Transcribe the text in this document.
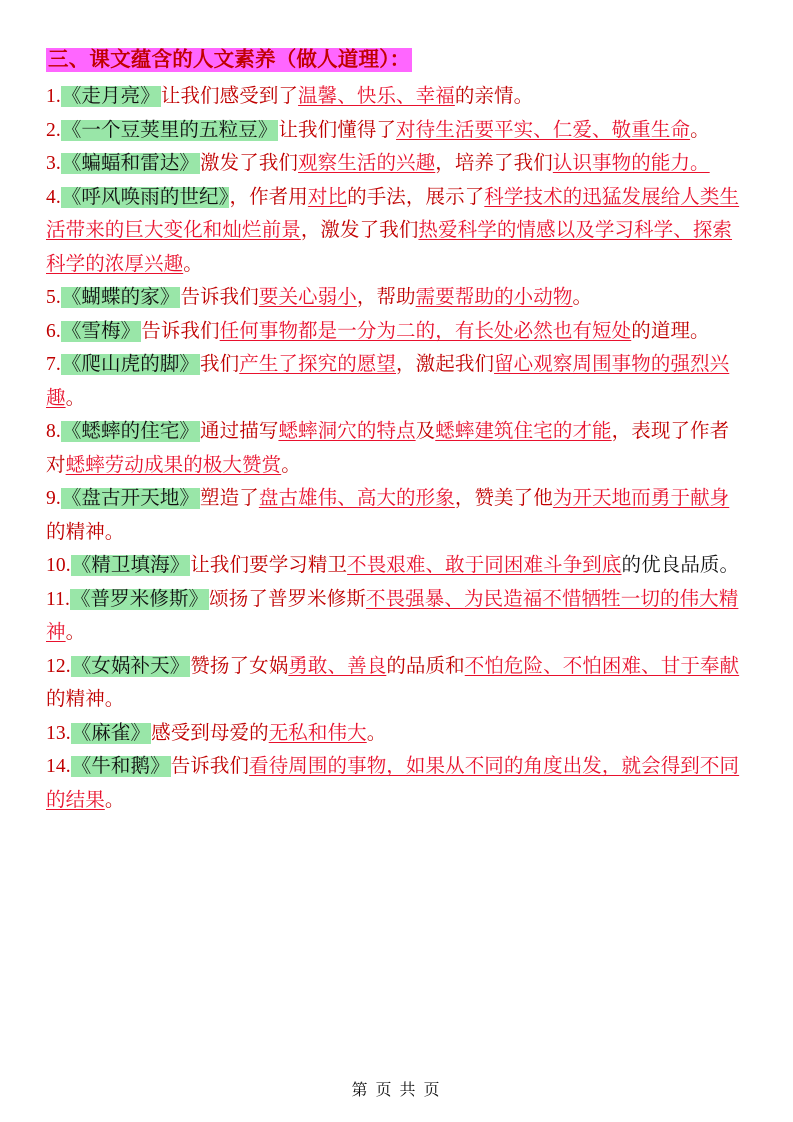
三、课文蕴含的人文素养（做人道理）：

1.《走月亮》让我们感受到了温馨、快乐、幸福的亲情。

2.《一个豆荚里的五粒豆》让我们懂得了对待生活要平实、仁爱、敬重生命。

3.《蝙蝠和雷达》激发了我们观察生活的兴趣，培养了我们认识事物的能力。

4.《呼风唤雨的世纪》，作者用对比的手法，展示了科学技术的迅猛发展给人类生活带来的巨大变化和灿烂前景，激发了我们热爱科学的情感以及学习科学、探索科学的浓厚兴趣。

5.《蝴蝶的家》告诉我们要关心弱小，帮助需要帮助的小动物。

6.《雪梅》告诉我们任何事物都是一分为二的，有长处必然也有短处的道理。

7.《爬山虎的脚》我们产生了探究的愿望，激起我们留心观察周围事物的强烈兴趣。

8.《蟋蟀的住宅》通过描写蟋蟀洞穴的特点及蟋蟀建筑住宅的才能，表现了作者对蟋蟀劳动成果的极大赞赏。

9.《盘古开天地》塑造了盘古雄伟、高大的形象，赞美了他为开天地而勇于献身的精神。

10.《精卫填海》让我们要学习精卫不畏艰难、敢于同困难斗争到底的优良品质。

11.《普罗米修斯》颂扬了普罗米修斯不畏强暴、为民造福不惜牺牲一切的伟大精神。

12.《女娲补天》赞扬了女娲勇敢、善良的品质和不怕危险、不怕困难、甘于奉献的精神。

13.《麻雀》感受到母爱的无私和伟大。

14.《牛和鹅》告诉我们看待周围的事物，如果从不同的角度出发，就会得到不同的结果。

第 页 共 页
